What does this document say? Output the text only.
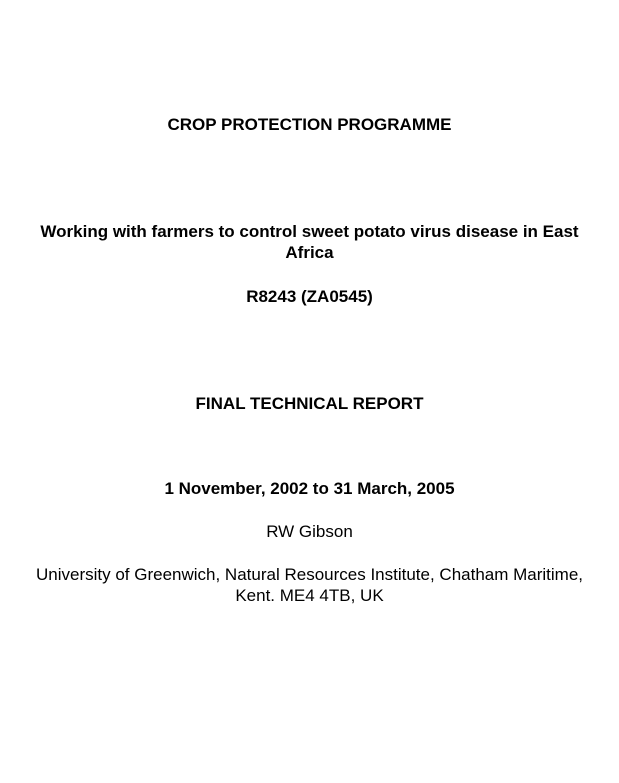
CROP PROTECTION PROGRAMME
Working with farmers to control sweet potato virus disease in East Africa
R8243 (ZA0545)
FINAL TECHNICAL REPORT
1 November, 2002 to 31 March, 2005
RW Gibson
University of Greenwich, Natural Resources Institute, Chatham Maritime, Kent. ME4 4TB, UK
